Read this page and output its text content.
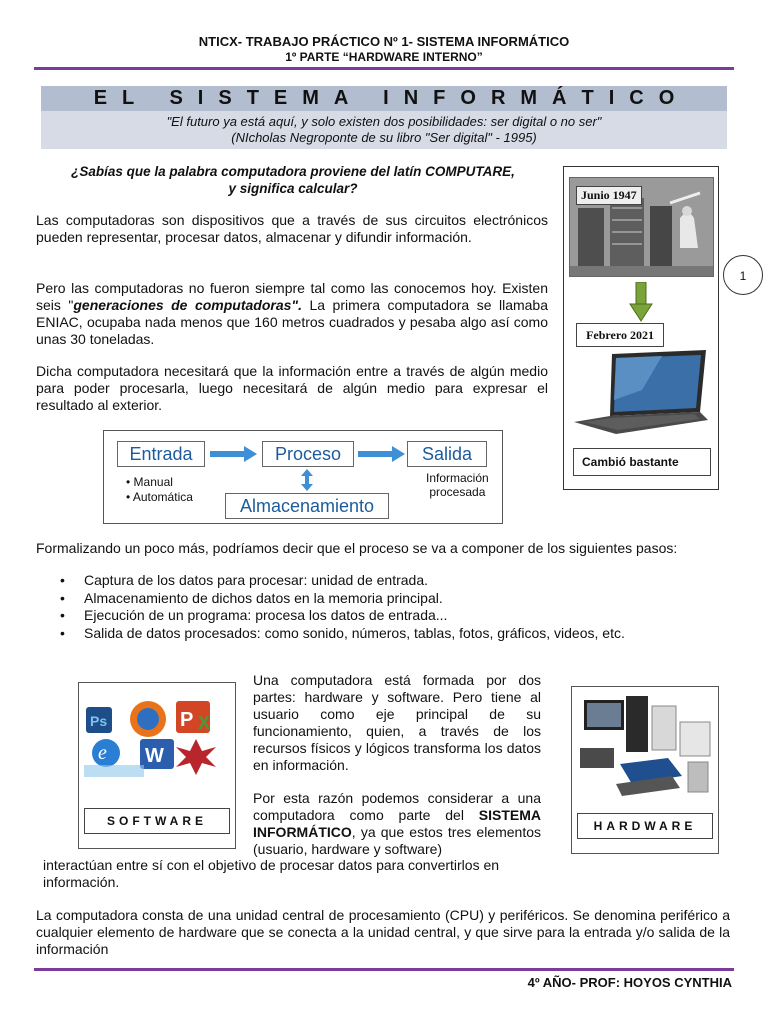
NTICX- TRABAJO PRÁCTICO Nº 1- SISTEMA INFORMÁTICO
1º PARTE “HARDWARE INTERNO”
EL SISTEMA INFORMÁTICO
"El futuro ya está aquí, y solo existen dos posibilidades: ser digital o no ser"
(NIcholas Negroponte de su libro "Ser digital" - 1995)
¿Sabías que la palabra computadora proviene del latín COMPUTARE,
y significa calcular?
Las computadoras son dispositivos que a través de sus circuitos electrónicos pueden representar, procesar datos, almacenar y difundir información.
Pero las computadoras no fueron siempre tal como las conocemos hoy. Existen seis "generaciones de computadoras". La primera computadora se llamaba ENIAC, ocupaba nada menos que 160 metros cuadrados y pesaba algo así como unas 30 toneladas.
Dicha computadora necesitará que la información entre a través de algún medio para poder procesarla, luego necesitará de algún medio para expresar el resultado al exterior.
Junio 1947
Febrero 2021
Cambió bastante
1
Entrada	Proceso	Salida
• Manual
• Automática	Almacenamiento
Información
procesada
Formalizando un poco más, podríamos decir que el proceso se va a componer de los siguientes pasos:
• Captura de los datos para procesar: unidad de entrada.
• Almacenamiento de dichos datos en la memoria principal.
• Ejecución de un programa: procesa los datos de entrada...
• Salida de datos procesados: como sonido, números, tablas, fotos, gráficos, videos, etc.
Ps	P X
e W
SOFTWARE	HARDWARE
Una computadora está formada por dos partes: hardware y software. Pero tiene al usuario como eje principal de su funcionamiento, quien, a través de los recursos físicos y lógicos transforma los datos en información.
Por esta razón podemos considerar a una computadora como parte del SISTEMA INFORMÁTICO, ya que estos tres elementos (usuario, hardware y software)
interactúan entre sí con el objetivo de procesar datos para convertirlos en información.
La computadora consta de una unidad central de procesamiento (CPU) y periféricos. Se denomina periférico a cualquier elemento de hardware que se conecta a la unidad central, y que sirve para la entrada y/o salida de la información
4º AÑO- PROF: HOYOS CYNTHIA
